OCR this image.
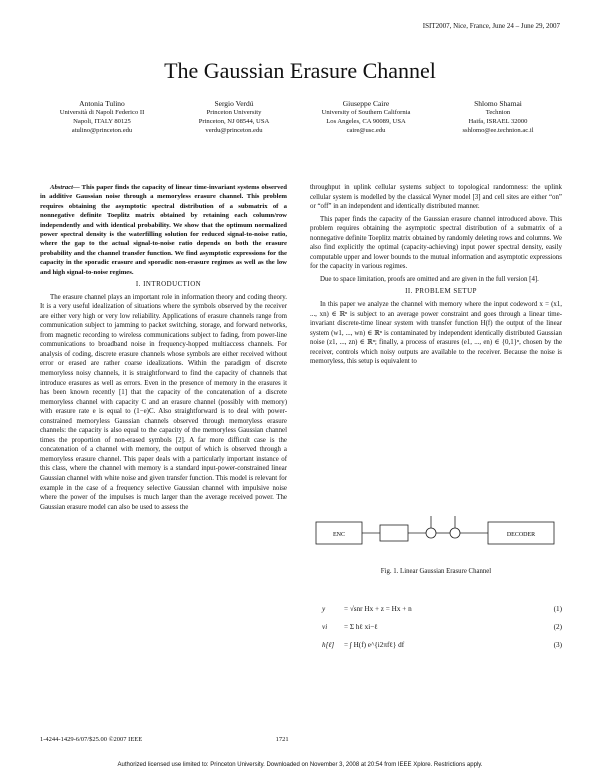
ISIT2007, Nice, France, June 24 – June 29, 2007
The Gaussian Erasure Channel
Antonia Tulino
Università di Napoli Federico II
Napoli, ITALY 80125
atulino@princeton.edu
Sergio Verdú
Princeton University
Princeton, NJ 08544, USA
verdu@princeton.edu
Giuseppe Caire
University of Southern California
Los Angeles, CA 90089, USA
caire@usc.edu
Shlomo Shamai
Technion
Haifa, ISRAEL 32000
sshlomo@ee.technion.ac.il

Abstract— This paper finds the capacity of linear time-invariant systems observed in additive Gaussian noise through a memoryless erasure channel. This problem requires obtaining the asymptotic spectral distribution of a submatrix of a nonnegative definite Toeplitz matrix obtained by retaining each column/row independently and with identical probability. We show that the optimum normalized power spectral density is the waterfilling solution for reduced signal-to-noise ratio, where the gap to the actual signal-to-noise ratio depends on both the erasure probability and the channel transfer function. We find asymptotic expressions for the capacity in the sporadic erasure and sporadic non-erasure regimes as well as the low and high signal-to-noise regimes.

I. INTRODUCTION

The erasure channel plays an important role in information theory and coding theory. It is a very useful idealization of situations where the symbols observed by the receiver are either very high or very low reliability. Applications of erasure channels range from communication subject to jamming to packet switching, storage, and forward networks, from magnetic recording to wireless communications subject to fading, from power-line communications to broadband noise in frequency-hopped multiaccess channels. For analysis of coding, discrete erasure channels whose symbols are either received without error or erased are rather coarse idealizations. Within the paradigm of discrete memoryless noisy channels, it is straightforward to find the capacity of channels that introduce erasures as well as errors. Even in the presence of memory in the erasures it has been known recently [1] that the capacity of the concatenation of a discrete memoryless channel with capacity C and an erasure channel (possibly with memory) with erasure rate e is equal to (1−e)C. Also straightforward is to deal with power-constrained memoryless Gaussian channels observed through memoryless erasure channels: the capacity is also equal to the capacity of the memoryless Gaussian channel times the proportion of non-erased symbols [2]. A far more difficult case is the concatenation of a channel with memory, the output of which is observed through a memoryless erasure channel. This paper deals with a particularly important instance of this class, where the channel with memory is a standard input-power-constrained linear Gaussian channel with white noise and given transfer function. This model is relevant for example in the case of a frequency selective Gaussian channel with impulsive noise where the power of the impulses is much larger than the average received power. The Gaussian erasure model can also be used to assess the

throughput in uplink cellular systems subject to topological randomness: the uplink cellular system is modelled by the classical Wyner model [3] and cell sites are either “on” or “off” in an independent and identically distributed manner.

This paper finds the capacity of the Gaussian erasure channel introduced above. This problem requires obtaining the asymptotic spectral distribution of a submatrix of a nonnegative definite Toeplitz matrix obtained by randomly deleting rows and columns. We also find explicitly the optimal (capacity-achieving) input power spectral density, easily computable upper and lower bounds to the mutual information and asymptotic expressions for the capacity in various regimes.

Due to space limitation, proofs are omitted and are given in the full version [4].

II. PROBLEM SETUP

In this paper we analyze the channel with memory where the input codeword x = (x1, ..., xn) ∈ ℝⁿ is subject to an average power constraint and goes through a linear time-invariant discrete-time linear system with transfer function H(f) the output of the linear system (w1, ..., wn) ∈ ℝⁿ is contaminated by independent identically distributed Gaussian noise (z1, ..., zn) ∈ ℝⁿ; finally, a process of erasures (e1, ..., en) ∈ {0,1}ⁿ, chosen by the receiver, controls which noisy outputs are available to the receiver. Because the noise is memoryless, this setup is equivalent to

ENC	DECODER
Fig. 1. Linear Gaussian Erasure Channel
y	= √snr Hx + z = Hx + n	(1)
vi	= Σ hℓ xi−ℓ	(2)
h[ℓ]	= ∫ H(f) e^{i2πfℓ} df	(3)
1-4244-1429-6/07/$25.00 ©2007 IEEE	1721
Authorized licensed use limited to: Princeton University. Downloaded on November 3, 2008 at 20:54 from IEEE Xplore. Restrictions apply.
